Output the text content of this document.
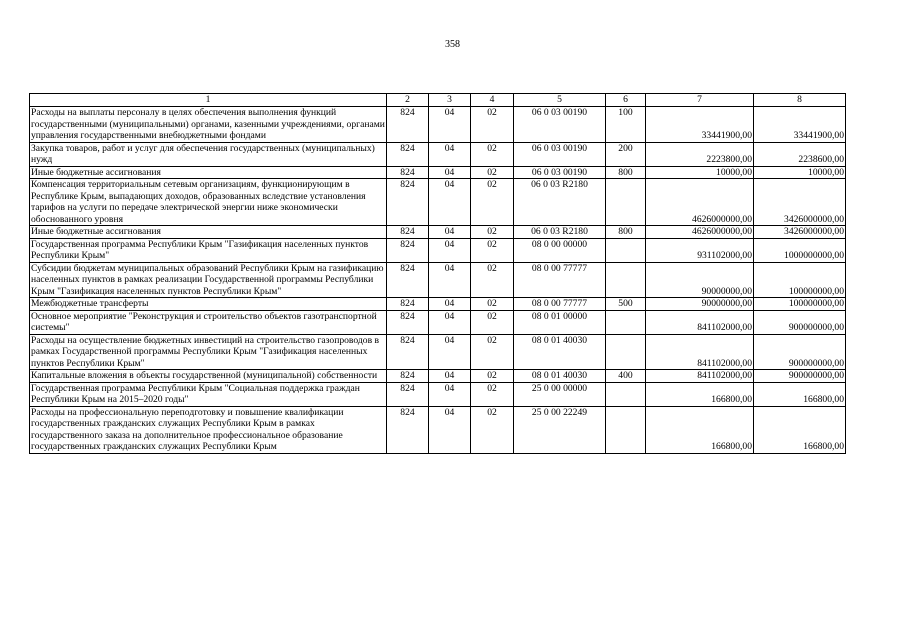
358
1	2	3	4	5	6	7	8
Расходы на выплаты персоналу в целях обеспечения выполнения функций государственными (муниципальными) органами, казенными учреждениями, органами управления государственными внебюджетными фондами	824	04	02	06 0 03 00190	100	33441900,00	33441900,00
Закупка товаров, работ и услуг для обеспечения государственных (муниципальных) нужд	824	04	02	06 0 03 00190	200	2223800,00	2238600,00
Иные бюджетные ассигнования	824	04	02	06 0 03 00190	800	10000,00	10000,00
Компенсация территориальным сетевым организациям, функционирующим в Республике Крым, выпадающих доходов, образованных вследствие установления тарифов на услуги по передаче электрической энергии ниже экономически обоснованного уровня	824	04	02	06 0 03 R2180		4626000000,00	3426000000,00
Иные бюджетные ассигнования	824	04	02	06 0 03 R2180	800	4626000000,00	3426000000,00
Государственная программа Республики Крым "Газификация населенных пунктов Республики Крым"	824	04	02	08 0 00 00000		931102000,00	1000000000,00
Субсидии бюджетам муниципальных образований Республики Крым на газификацию населенных пунктов в рамках реализации Государственной программы Республики Крым "Газификация населенных пунктов Республики Крым"	824	04	02	08 0 00 77777		90000000,00	100000000,00
Межбюджетные трансферты	824	04	02	08 0 00 77777	500	90000000,00	100000000,00
Основное мероприятие "Реконструкция и строительство объектов газотранспортной системы"	824	04	02	08 0 01 00000		841102000,00	900000000,00
Расходы на осуществление бюджетных инвестиций на строительство газопроводов в рамках Государственной программы Республики Крым "Газификация населенных пунктов Республики Крым"	824	04	02	08 0 01 40030		841102000,00	900000000,00
Капитальные вложения в объекты государственной (муниципальной) собственности	824	04	02	08 0 01 40030	400	841102000,00	900000000,00
Государственная программа Республики Крым "Социальная поддержка граждан Республики Крым на 2015–2020 годы"	824	04	02	25 0 00 00000		166800,00	166800,00
Расходы на профессиональную переподготовку и повышение квалификации государственных гражданских служащих Республики Крым в рамках государственного заказа на дополнительное профессиональное образование государственных гражданских служащих Республики Крым	824	04	02	25 0 00 22249		166800,00	166800,00
